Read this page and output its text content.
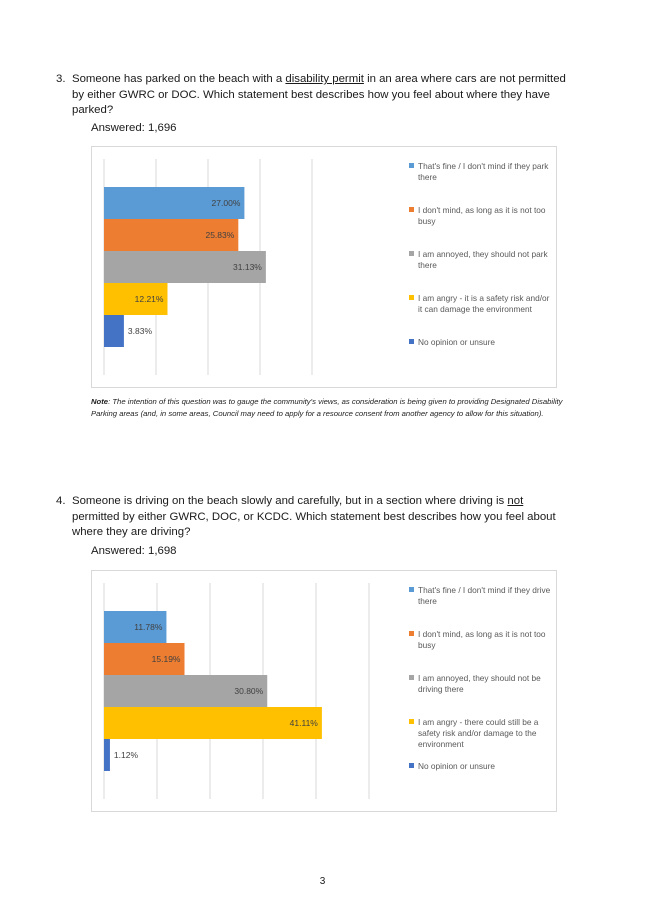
3. Someone has parked on the beach with a disability permit in an area where cars are not permitted by either GWRC or DOC. Which statement best describes how you feel about where they have parked?
Answered: 1,696
27.00%
25.83%
31.13%
12.21%
3.83%
That's fine / I don't mind if they park there
I don't mind, as long as it is not too busy
I am annoyed, they should not park there
I am angry - it is a safety risk and/or it can damage the environment
No opinion or unsure
Note: The intention of this question was to gauge the community's views, as consideration is being given to providing Designated Disability Parking areas (and, in some areas, Council may need to apply for a resource consent from another agency to allow for this situation).
4. Someone is driving on the beach slowly and carefully, but in a section where driving is not permitted by either GWRC, DOC, or KCDC. Which statement best describes how you feel about where they are driving?
Answered: 1,698
11.78%
15.19%
30.80%
41.11%
1.12%
That's fine / I don't mind if they drive there
I don't mind, as long as it is not too busy
I am annoyed, they should not be driving there
I am angry - there could still be a safety risk and/or damage to the environment
No opinion or unsure
3
